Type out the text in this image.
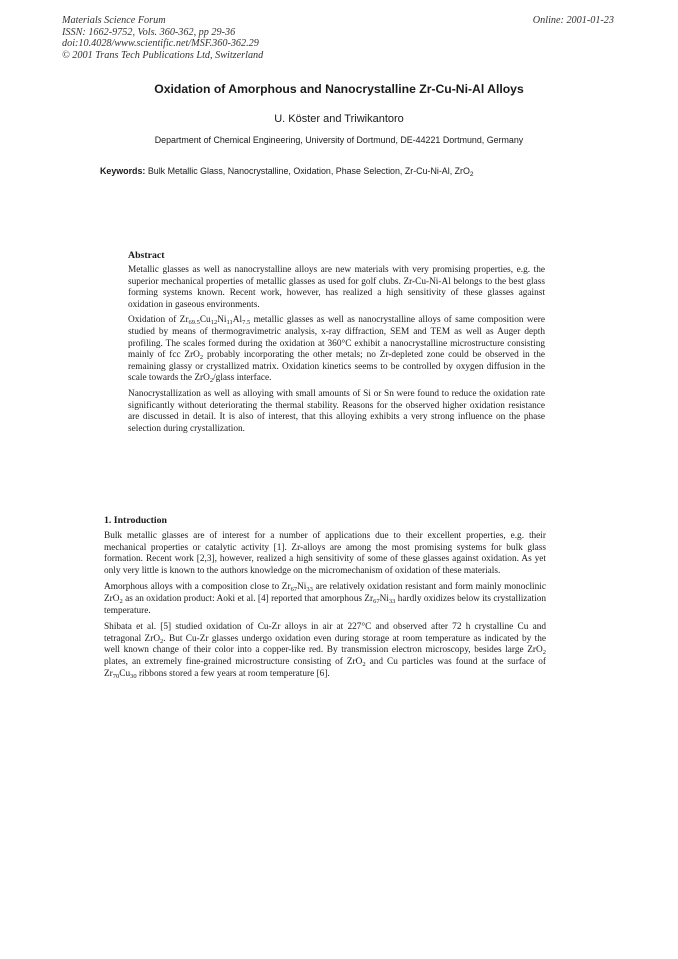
Materials Science Forum
ISSN: 1662-9752, Vols. 360-362, pp 29-36
doi:10.4028/www.scientific.net/MSF.360-362.29
© 2001 Trans Tech Publications Ltd, Switzerland
Online: 2001-01-23
Oxidation of Amorphous and Nanocrystalline Zr-Cu-Ni-Al Alloys
U. Köster and Triwikantoro
Department of Chemical Engineering, University of Dortmund, DE-44221 Dortmund, Germany
Keywords: Bulk Metallic Glass, Nanocrystalline, Oxidation, Phase Selection, Zr-Cu-Ni-Al, ZrO$_2$
Abstract

Metallic glasses as well as nanocrystalline alloys are new materials with very promising properties, e.g. the superior mechanical properties of metallic glasses as used for golf clubs. Zr-Cu-Ni-Al belongs to the best glass forming systems known. Recent work, however, has realized a high sensitivity of these glasses against oxidation in gaseous environments.

Oxidation of $Zr_{69.5}Cu_{12}Ni_{11}Al_{7.5}$ metallic glasses as well as nanocrystalline alloys of same composition were studied by means of thermogravimetric analysis, x-ray diffraction, SEM and TEM as well as Auger depth profiling. The scales formed during the oxidation at 360°C exhibit a nanocrystalline microstructure consisting mainly of fcc ZrO$_2$ probably incorporating the other metals; no Zr-depleted zone could be observed in the remaining glassy or crystallized matrix. Oxidation kinetics seems to be controlled by oxygen diffusion in the scale towards the ZrO$_2$/glass interface.

Nanocrystallization as well as alloying with small amounts of Si or Sn were found to reduce the oxidation rate significantly without deteriorating the thermal stability. Reasons for the observed higher oxidation resistance are discussed in detail. It is also of interest, that this alloying exhibits a very strong influence on the phase selection during crystallization.

1. Introduction

Bulk metallic glasses are of interest for a number of applications due to their excellent properties, e.g. their mechanical properties or catalytic activity [1]. Zr-alloys are among the most promising systems for bulk glass formation. Recent work [2,3], however, realized a high sensitivity of some of these glasses against oxidation. As yet only very little is known to the authors knowledge on the micromechanism of oxidation of these materials.

Amorphous alloys with a composition close to $Zr_{67}Ni_{33}$ are relatively oxidation resistant and form mainly monoclinic ZrO$_2$ as an oxidation product: Aoki et al. [4] reported that amorphous $Zr_{67}Ni_{33}$ hardly oxidizes below its crystallization temperature.

Shibata et al. [5] studied oxidation of Cu-Zr alloys in air at 227°C and observed after 72 h crystalline Cu and tetragonal ZrO$_2$. But Cu-Zr glasses undergo oxidation even during storage at room temperature as indicated by the well known change of their color into a copper-like red. By transmission electron microscopy, besides large ZrO$_2$ plates, an extremely fine-grained microstructure consisting of ZrO$_2$ and Cu particles was found at the surface of $Zr_{70}Cu_{30}$ ribbons stored a few years at room temperature [6].
